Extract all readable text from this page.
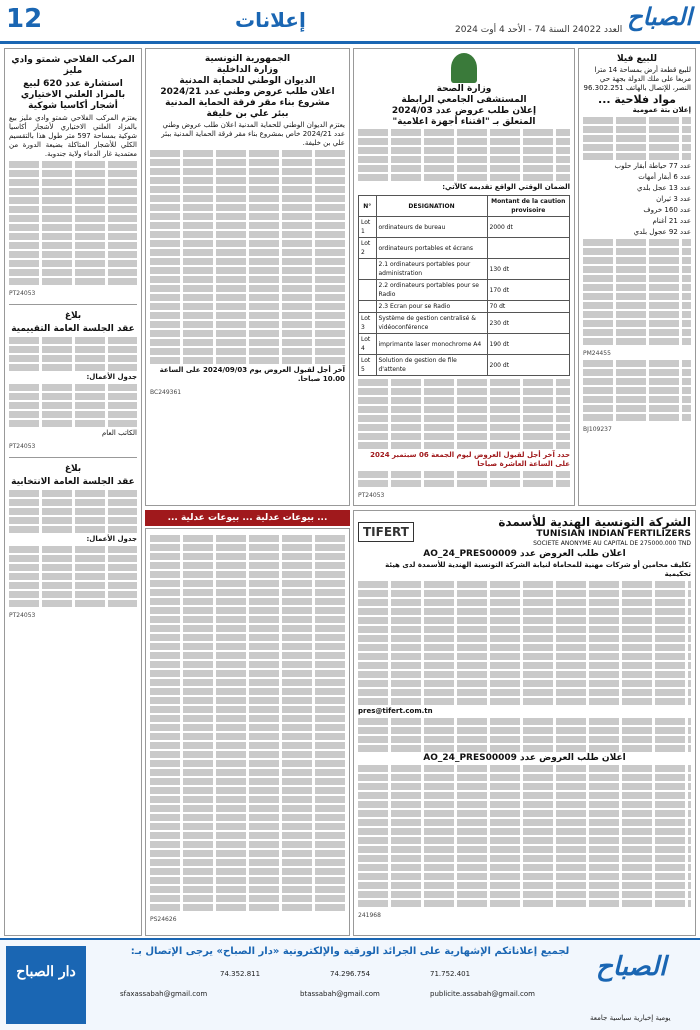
12	إعلانات	العدد 24022 السنة 74 - الأحد 4 أوت 2024 الصباح
المركب الفلاحي شمتو وادي مليز
استشارة عدد 620 لبيع بالمزاد العلني الاختياري أشجار أكاسيا شوكية

يعتزم المركب الفلاحي شمتو وادي مليز بيع بالمزاد العلني الاختياري لأشجار أكاسيا شوكية بمساحة 597 متر طول هذا بالتقسيم الكلي للأشجار المتاكلة بضيعة الدورة من معتمدية غار الدماء ولاية جندوبة.

PT24053
بلاغ
عقد الجلسة العامة التقييمية

جدول الأعمال:

الكاتب العام

PT24053
بلاغ
عقد الجلسة العامة الانتخابية

جدول الأعمال:

PT24053
الجمهورية التونسية
وزارة الداخلية
الديوان الوطني للحماية المدنية
اعلان طلب عروض وطني عدد 2024/21
مشروع بناء مقر فرقة الحماية المدنية
ببئر علي بن خليفة

يعتزم الديوان الوطني للحماية المدنية اعلان طلب عروض وطني عدد 2024/21 خاص بمشروع بناء مقر فرقة الحماية المدنية ببئر علي بن خليفة.

آخر أجل لقبول العروض يوم 2024/09/03 على الساعة 10.00 صباحا.

BC249361
... بيوعات عدلية ... بيوعات عدلية ...
PS24626
وزارة الصحة
المستشفى الجامعي الرابطة
إعلان طلب عروض عدد 2024/03
المتعلق بـ "اقتناء أجهزة اعلامية"

الضمان الوقتي الواقع تقديمه كالآتي:

N°	DESIGNATION	Montant de la caution provisoire
Lot 1	ordinateurs de bureau	2000 dt
Lot 2	ordinateurs portables et écrans	
	2.1 ordinateurs portables pour administration	130 dt
	2.2 ordinateurs portables pour se Radio	170 dt
	2.3 Ecran pour se Radio	70 dt
Lot 3	Système de gestion centralisé & vidéoconférence	230 dt
Lot 4	imprimante laser monochrome A4	190 dt
Lot 5	Solution de gestion de file d'attente	200 dt

حدد آخر أجل لقبول العروض ليوم الجمعة 06 سبتمبر 2024 على الساعة العاشرة صباحا

PT24053
للبيع فيلا

للبيع قطعة أرض بمساحة 14 مترا مربعا على ملك الدولة بجهة حي النصر، للإتصال بالهاتف 96.302.251

مواد فلاحية ...

إعلان بتة عمومية

عدد 77 حياطة أبقار حلوب

عدد 6 أبقار أمهات

عدد 13 عجل بلدي

عدد 3 ثيران

عدد 160 خروف

عدد 21 أغنام

عدد 92 عجول بلدي

PM24455
BJ109237
TIFERT
الشركة التونسية الهندية للأسمدة
TUNISIAN INDIAN FERTILIZERS
SOCIETE ANONYME AU CAPITAL DE 275000.000 TND
اعلان طلب العروض عدد AO_24_PRES00009

تكليف محامين أو شركات مهنية للمحاماة لنيابة الشركة التونسية الهندية للأسمدة لدى هيئة تحكيمية

pres@tifert.com.tn

اعلان طلب العروض عدد AO_24_PRES00009
241968
دار الصباح
لجميع إعلاناتكم الإشهارية على الجرائد الورقية والإلكترونية «دار الصباح» يرجى الإتصال بـ:
71.752.401
74.296.754
74.352.811
publicite.assabah@gmail.com
btassabah@gmail.com
sfaxassabah@gmail.com
الصباح
يومية إخبارية سياسية جامعة
